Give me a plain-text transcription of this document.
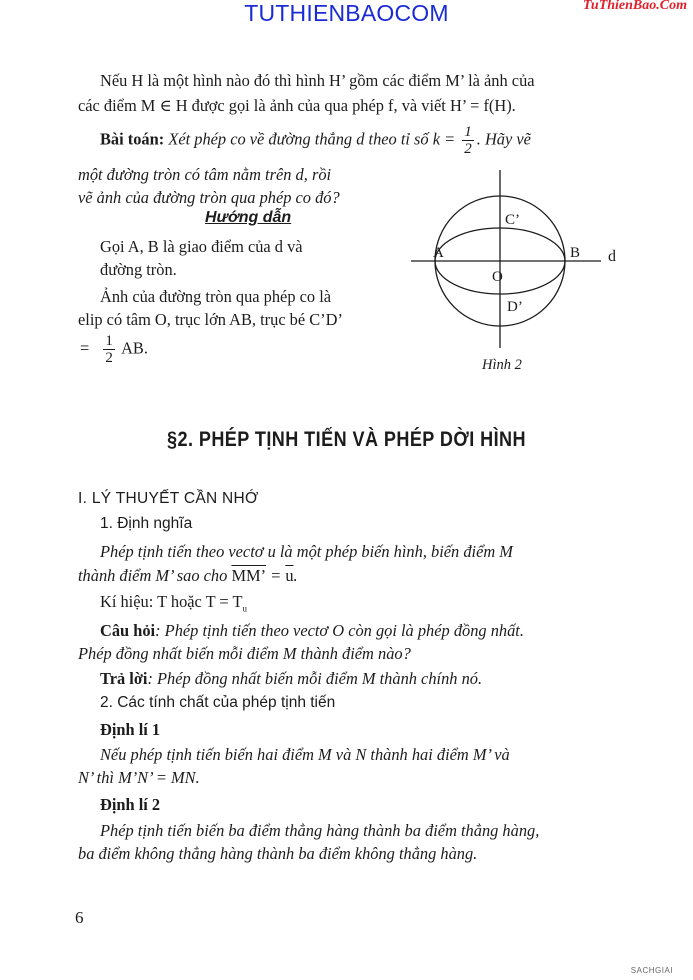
TUTHIENBAOCOM	TuThienBao.Com
Nếu H là một hình nào đó thì hình H’ gồm các điểm M’ là ảnh của
các điểm M ∈ H được gọi là ảnh của qua phép f, và viết H’ = f(H).
Bài toán: Xét phép co về đường thẳng d theo tỉ số $k = \frac{1}{2}$ . Hãy vẽ
một đường tròn có tâm nằm trên d, rồi
vẽ ảnh của đường tròn qua phép co đó?
Hướng dẫn
Gọi A, B là giao điểm của d và
đường tròn.
Ảnh của đường tròn qua phép co là
elip có tâm O, trục lớn AB, trục bé C’D’
= $\frac{1}{2}$ AB.
C’
A	B
O
d
D’
Hình 2
§2. PHÉP TỊNH TIẾN VÀ PHÉP DỜI HÌNH
I. LÝ THUYẾT CẦN NHỚ
1. Định nghĩa
Phép tịnh tiến theo vectơ u là một phép biến hình, biến điểm M
thành điểm M’ sao cho MM’ = $\overline{u}$.
Kí hiệu: T hoặc $T = T_u$
Câu hỏi: Phép tịnh tiến theo vectơ O còn gọi là phép đồng nhất.
Phép đồng nhất biến mỗi điểm M thành điểm nào?
Trả lời: Phép đồng nhất biến mỗi điểm M thành chính nó.
2. Các tính chất của phép tịnh tiến
Định lí 1
Nếu phép tịnh tiến biến hai điểm M và N thành hai điểm M’ và
N’ thì M’N’ = MN.
Định lí 2
Phép tịnh tiến biến ba điểm thẳng hàng thành ba điểm thẳng hàng,
ba điểm không thẳng hàng thành ba điểm không thẳng hàng.
6
SACHGIAI
